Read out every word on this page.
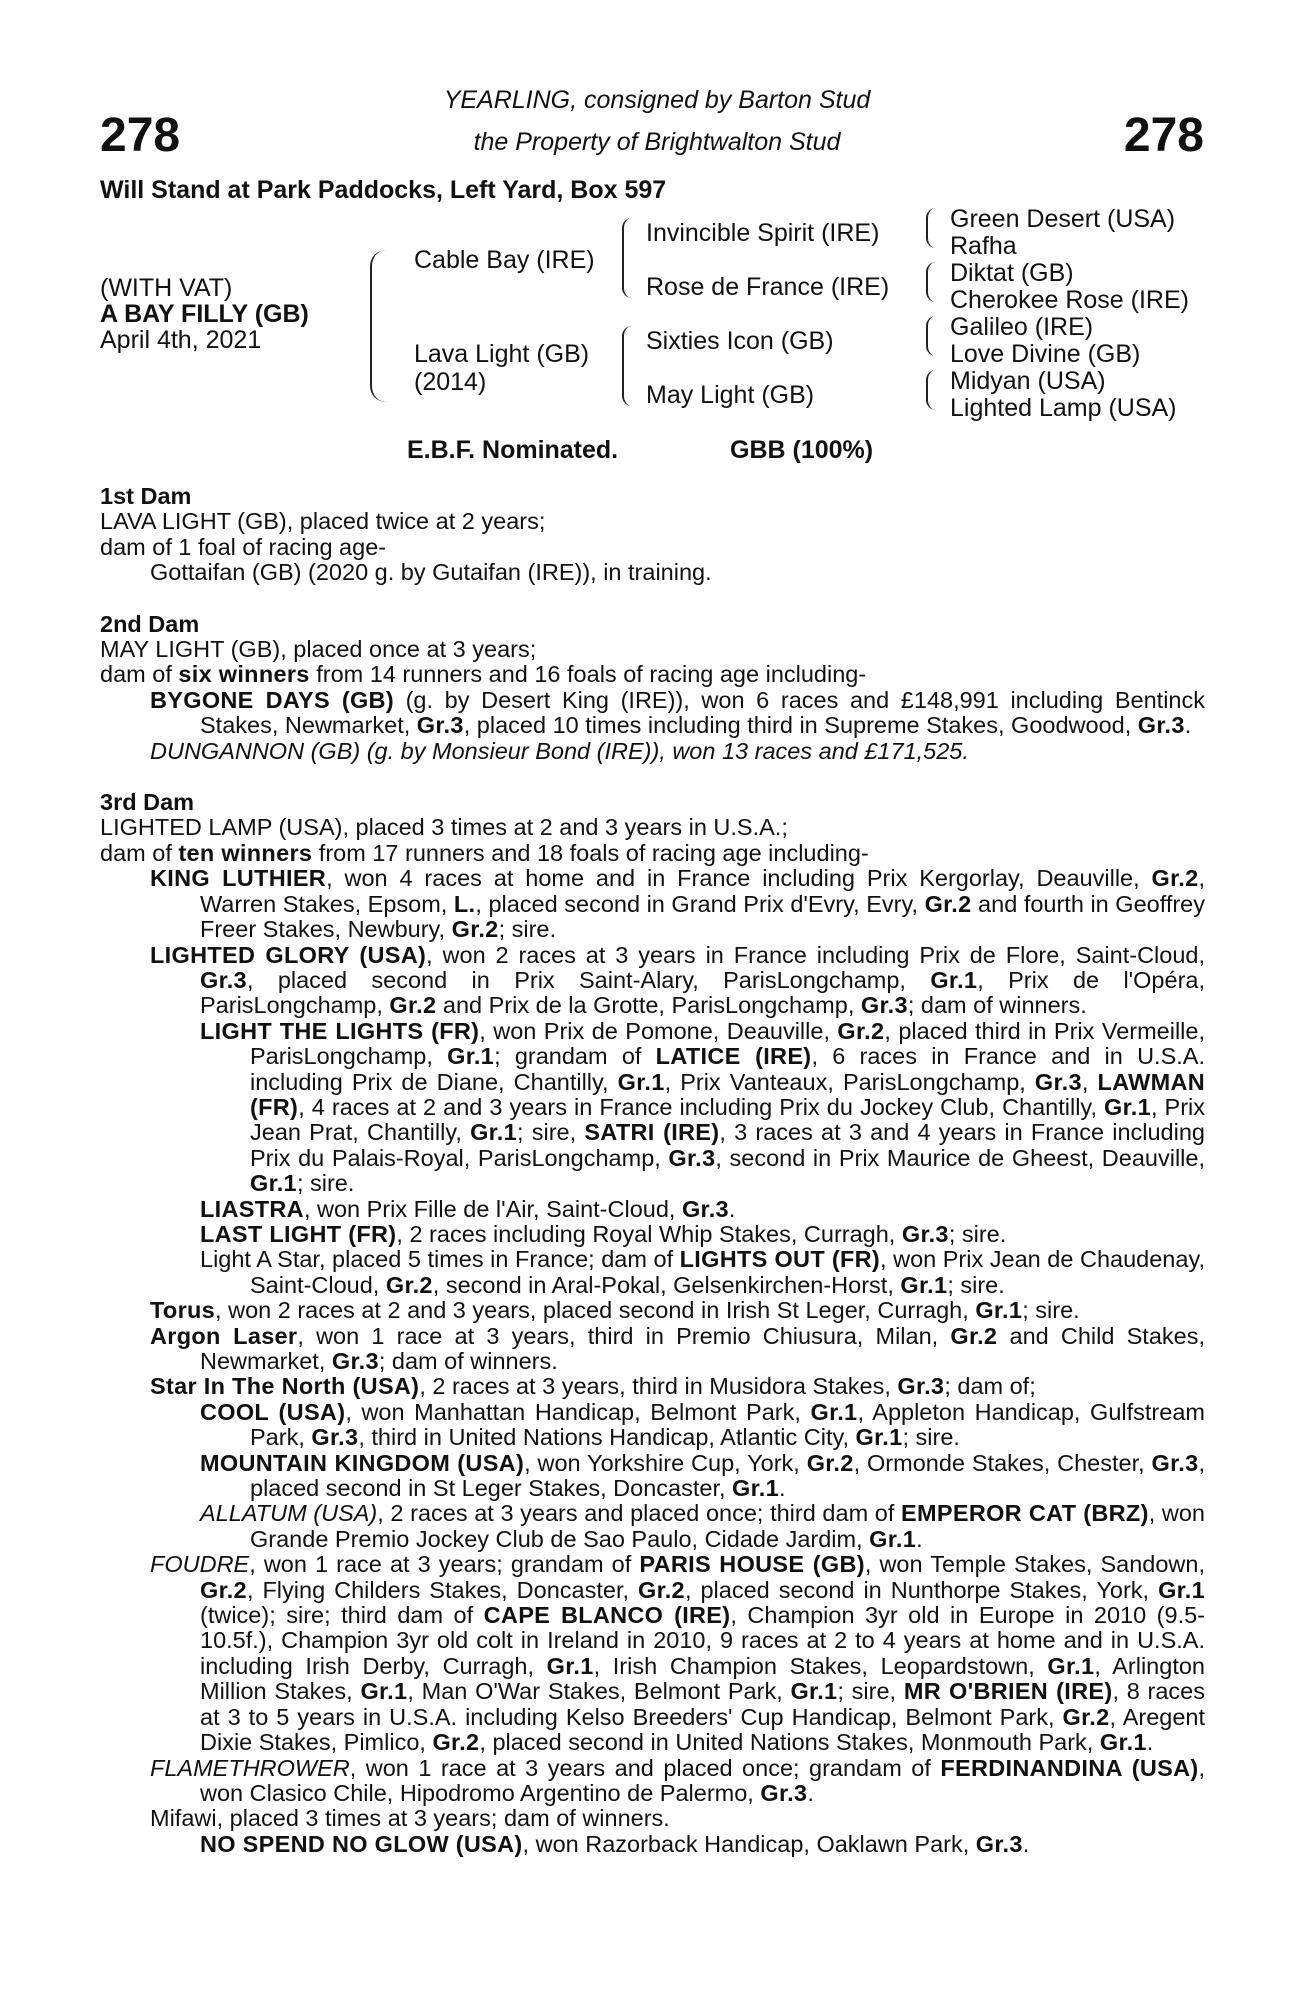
278	278
YEARLING, consigned by Barton Stud
the Property of Brightwalton Stud
Will Stand at Park Paddocks, Left Yard, Box 597
(WITH VAT)
A BAY FILLY (GB)
April 4th, 2021
Cable Bay (IRE)
Lava Light (GB)
(2014)
Invincible Spirit (IRE)
Rose de France (IRE)
Sixties Icon (GB)
May Light (GB)
Green Desert (USA)
Rafha
Diktat (GB)
Cherokee Rose (IRE)
Galileo (IRE)
Love Divine (GB)
Midyan (USA)
Lighted Lamp (USA)
E.B.F. Nominated.	GBB (100%)

1st Dam

LAVA LIGHT (GB), placed twice at 2 years;

dam of 1 foal of racing age-

Gottaifan (GB) (2020 g. by Gutaifan (IRE)), in training.

2nd Dam

MAY LIGHT (GB), placed once at 3 years;

dam of six winners from 14 runners and 16 foals of racing age including-

BYGONE DAYS (GB) (g. by Desert King (IRE)), won 6 races and £148,991 including Bentinck Stakes, Newmarket, Gr.3, placed 10 times including third in Supreme Stakes, Goodwood, Gr.3.

DUNGANNON (GB) (g. by Monsieur Bond (IRE)), won 13 races and £171,525.

3rd Dam

LIGHTED LAMP (USA), placed 3 times at 2 and 3 years in U.S.A.;

dam of ten winners from 17 runners and 18 foals of racing age including-

KING LUTHIER, won 4 races at home and in France including Prix Kergorlay, Deauville, Gr.2, Warren Stakes, Epsom, L., placed second in Grand Prix d'Evry, Evry, Gr.2 and fourth in Geoffrey Freer Stakes, Newbury, Gr.2; sire.

LIGHTED GLORY (USA), won 2 races at 3 years in France including Prix de Flore, Saint-Cloud, Gr.3, placed second in Prix Saint-Alary, ParisLongchamp, Gr.1, Prix de l'Opéra, ParisLongchamp, Gr.2 and Prix de la Grotte, ParisLongchamp, Gr.3; dam of winners.

LIGHT THE LIGHTS (FR), won Prix de Pomone, Deauville, Gr.2, placed third in Prix Vermeille, ParisLongchamp, Gr.1; grandam of LATICE (IRE), 6 races in France and in U.S.A. including Prix de Diane, Chantilly, Gr.1, Prix Vanteaux, ParisLongchamp, Gr.3, LAWMAN (FR), 4 races at 2 and 3 years in France including Prix du Jockey Club, Chantilly, Gr.1, Prix Jean Prat, Chantilly, Gr.1; sire, SATRI (IRE), 3 races at 3 and 4 years in France including Prix du Palais-Royal, ParisLongchamp, Gr.3, second in Prix Maurice de Gheest, Deauville, Gr.1; sire.

LIASTRA, won Prix Fille de l'Air, Saint-Cloud, Gr.3.

LAST LIGHT (FR), 2 races including Royal Whip Stakes, Curragh, Gr.3; sire.

Light A Star, placed 5 times in France; dam of LIGHTS OUT (FR), won Prix Jean de Chaudenay, Saint-Cloud, Gr.2, second in Aral-Pokal, Gelsenkirchen-Horst, Gr.1; sire.

Torus, won 2 races at 2 and 3 years, placed second in Irish St Leger, Curragh, Gr.1; sire.

Argon Laser, won 1 race at 3 years, third in Premio Chiusura, Milan, Gr.2 and Child Stakes, Newmarket, Gr.3; dam of winners.

Star In The North (USA), 2 races at 3 years, third in Musidora Stakes, Gr.3; dam of;

COOL (USA), won Manhattan Handicap, Belmont Park, Gr.1, Appleton Handicap, Gulfstream Park, Gr.3, third in United Nations Handicap, Atlantic City, Gr.1; sire.

MOUNTAIN KINGDOM (USA), won Yorkshire Cup, York, Gr.2, Ormonde Stakes, Chester, Gr.3, placed second in St Leger Stakes, Doncaster, Gr.1.

ALLATUM (USA), 2 races at 3 years and placed once; third dam of EMPEROR CAT (BRZ), won Grande Premio Jockey Club de Sao Paulo, Cidade Jardim, Gr.1.

FOUDRE, won 1 race at 3 years; grandam of PARIS HOUSE (GB), won Temple Stakes, Sandown, Gr.2, Flying Childers Stakes, Doncaster, Gr.2, placed second in Nunthorpe Stakes, York, Gr.1 (twice); sire; third dam of CAPE BLANCO (IRE), Champion 3yr old in Europe in 2010 (9.5-10.5f.), Champion 3yr old colt in Ireland in 2010, 9 races at 2 to 4 years at home and in U.S.A. including Irish Derby, Curragh, Gr.1, Irish Champion Stakes, Leopardstown, Gr.1, Arlington Million Stakes, Gr.1, Man O'War Stakes, Belmont Park, Gr.1; sire, MR O'BRIEN (IRE), 8 races at 3 to 5 years in U.S.A. including Kelso Breeders' Cup Handicap, Belmont Park, Gr.2, Aregent Dixie Stakes, Pimlico, Gr.2, placed second in United Nations Stakes, Monmouth Park, Gr.1.

FLAMETHROWER, won 1 race at 3 years and placed once; grandam of FERDINANDINA (USA), won Clasico Chile, Hipodromo Argentino de Palermo, Gr.3.

Mifawi, placed 3 times at 3 years; dam of winners.

NO SPEND NO GLOW (USA), won Razorback Handicap, Oaklawn Park, Gr.3.
